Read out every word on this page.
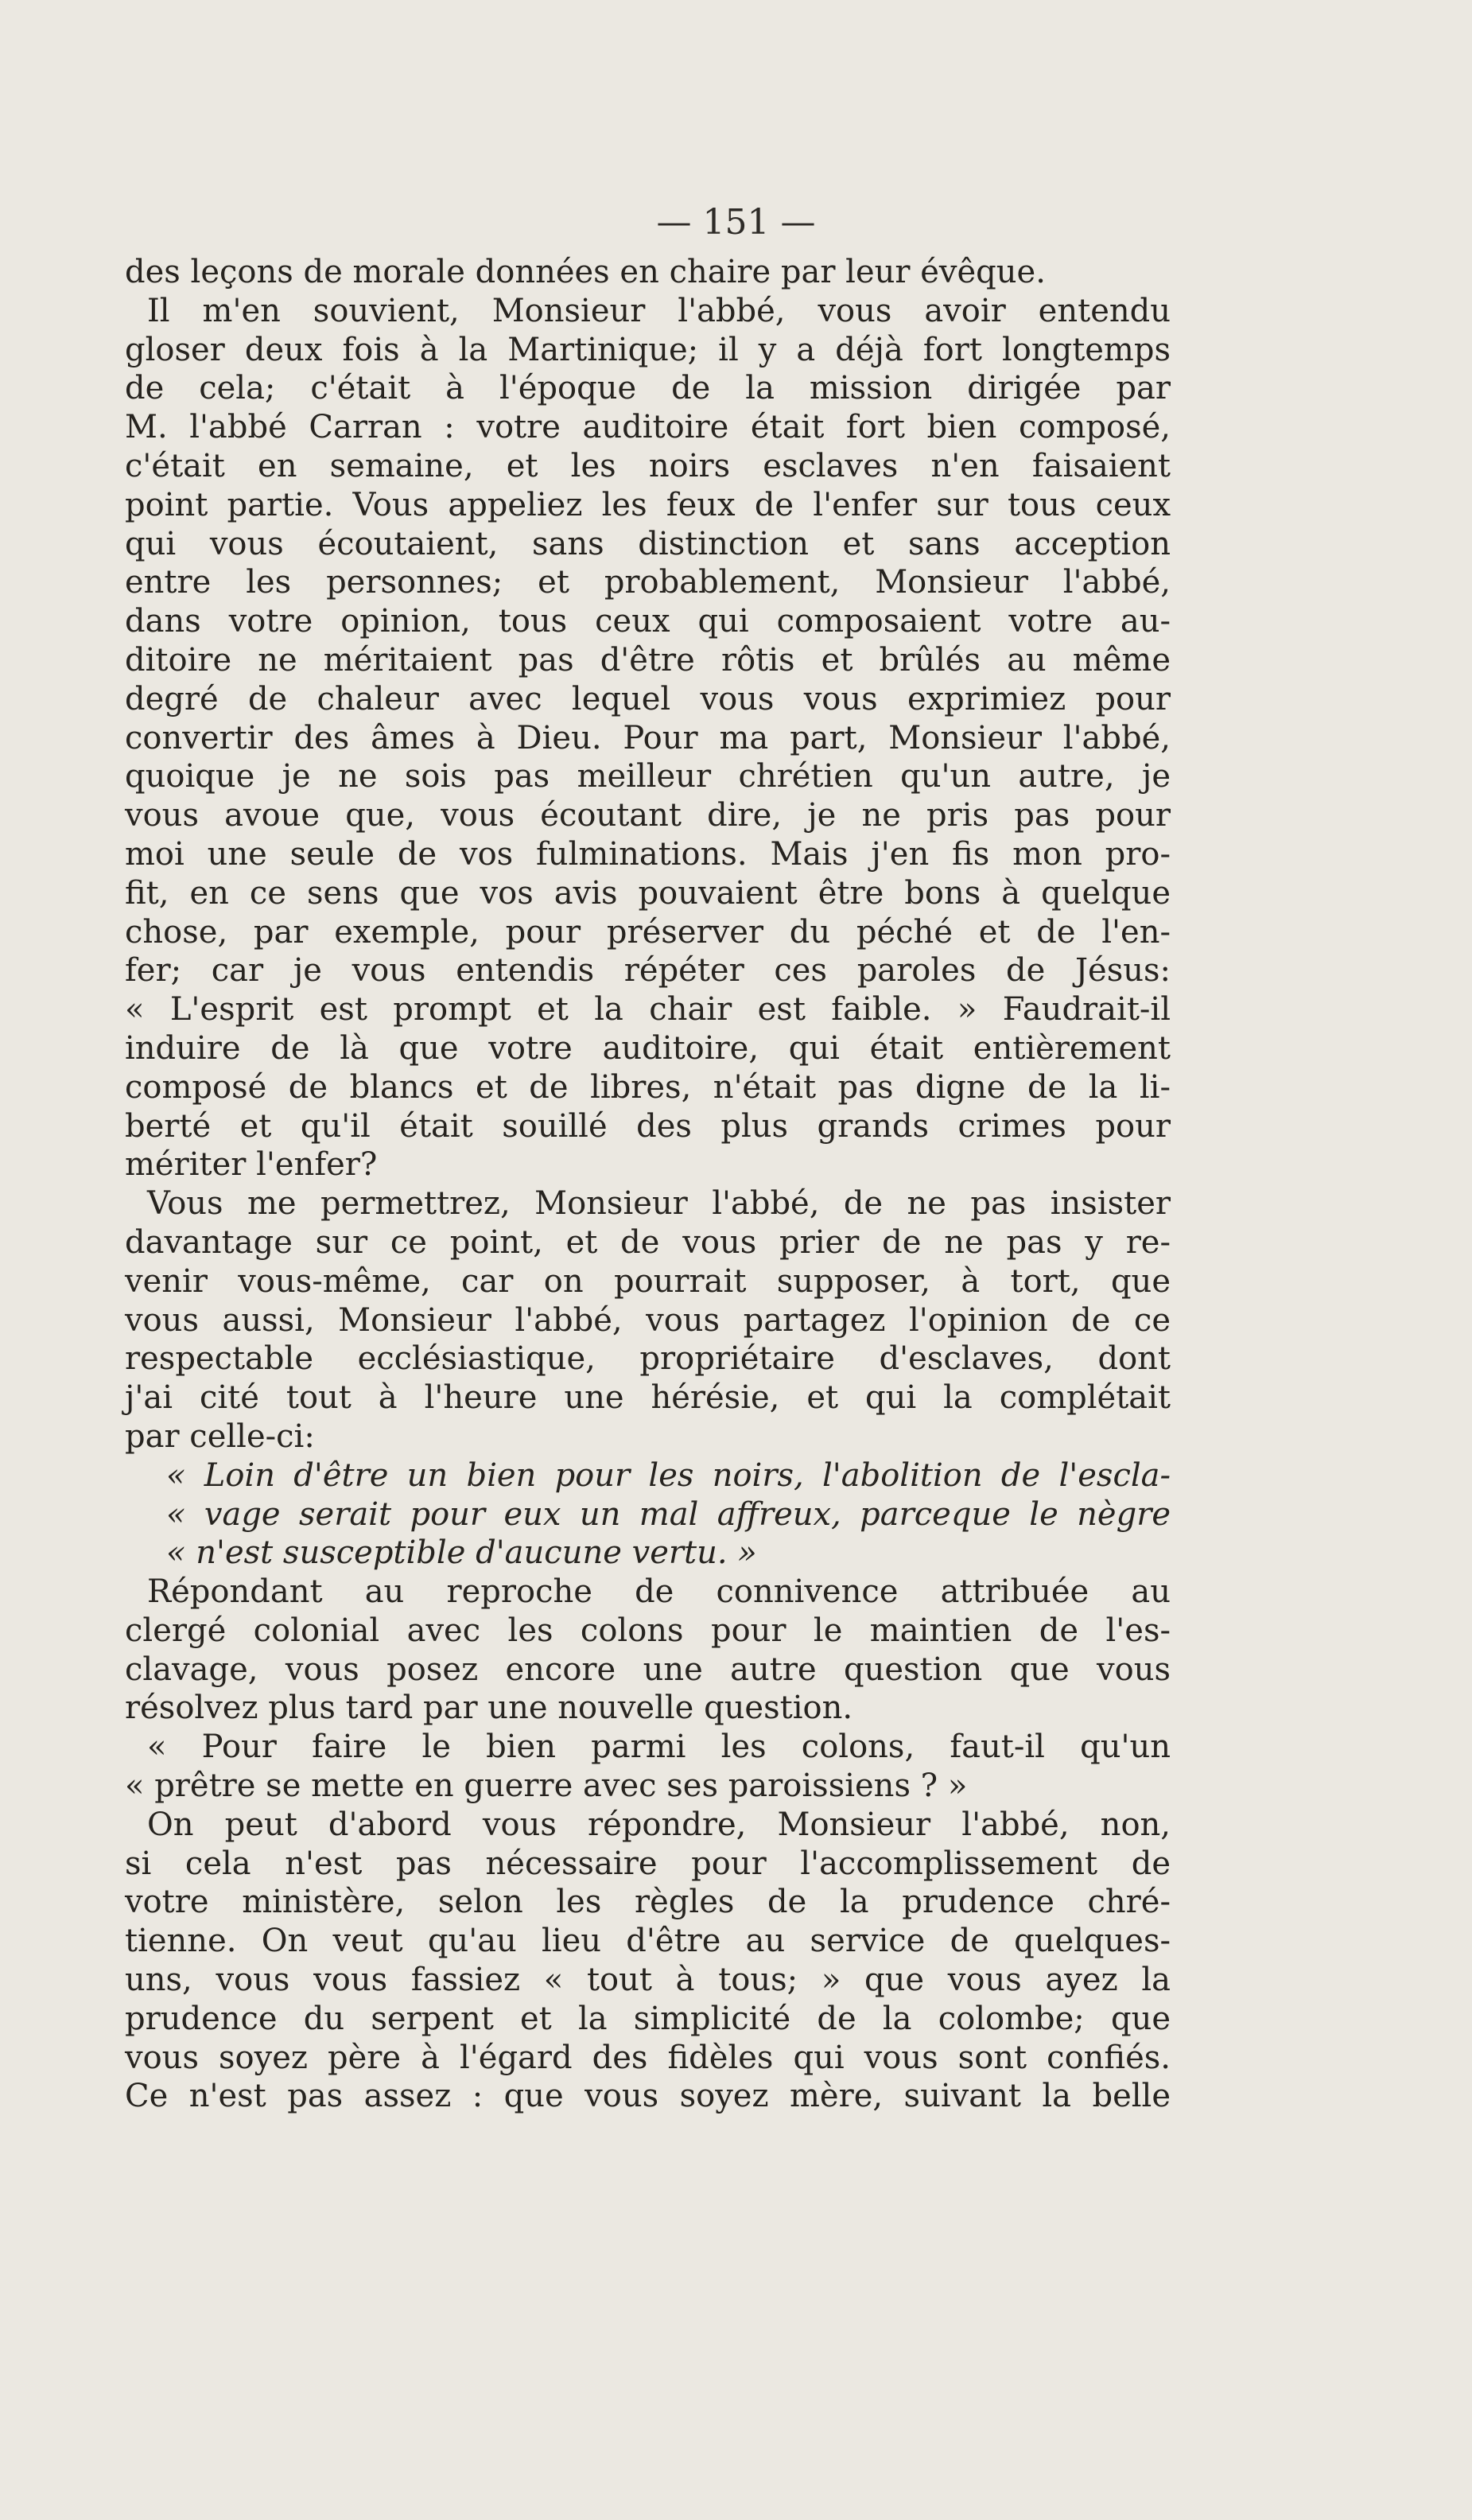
— 151 —
des leçons de morale données en chaire par leur évêque.
Il m'en souvient, Monsieur l'abbé, vous avoir entendu
gloser deux fois à la Martinique; il y a déjà fort longtemps
de cela; c'était à l'époque de la mission dirigée par
M. l'abbé Carran : votre auditoire était fort bien composé,
c'était en semaine, et les noirs esclaves n'en faisaient
point partie. Vous appeliez les feux de l'enfer sur tous ceux
qui vous écoutaient, sans distinction et sans acception
entre les personnes; et probablement, Monsieur l'abbé,
dans votre opinion, tous ceux qui composaient votre au-
ditoire ne méritaient pas d'être rôtis et brûlés au même
degré de chaleur avec lequel vous vous exprimiez pour
convertir des âmes à Dieu. Pour ma part, Monsieur l'abbé,
quoique je ne sois pas meilleur chrétien qu'un autre, je
vous avoue que, vous écoutant dire, je ne pris pas pour
moi une seule de vos fulminations. Mais j'en fis mon pro-
fit, en ce sens que vos avis pouvaient être bons à quelque
chose, par exemple, pour préserver du péché et de l'en-
fer; car je vous entendis répéter ces paroles de Jésus:
« L'esprit est prompt et la chair est faible. » Faudrait-il
induire de là que votre auditoire, qui était entièrement
composé de blancs et de libres, n'était pas digne de la li-
berté et qu'il était souillé des plus grands crimes pour
mériter l'enfer?
Vous me permettrez, Monsieur l'abbé, de ne pas insister
davantage sur ce point, et de vous prier de ne pas y re-
venir vous-même, car on pourrait supposer, à tort, que
vous aussi, Monsieur l'abbé, vous partagez l'opinion de ce
respectable ecclésiastique, propriétaire d'esclaves, dont
j'ai cité tout à l'heure une hérésie, et qui la complétait
par celle-ci:
« Loin d'être un bien pour les noirs, l'abolition de l'escla-
« vage serait pour eux un mal affreux, parceque le nègre
« n'est susceptible d'aucune vertu. »
Répondant au reproche de connivence attribuée au
clergé colonial avec les colons pour le maintien de l'es-
clavage, vous posez encore une autre question que vous
résolvez plus tard par une nouvelle question.
« Pour faire le bien parmi les colons, faut-il qu'un
« prêtre se mette en guerre avec ses paroissiens ? »
On peut d'abord vous répondre, Monsieur l'abbé, non,
si cela n'est pas nécessaire pour l'accomplissement de
votre ministère, selon les règles de la prudence chré-
tienne. On veut qu'au lieu d'être au service de quelques-
uns, vous vous fassiez « tout à tous; » que vous ayez la
prudence du serpent et la simplicité de la colombe; que
vous soyez père à l'égard des fidèles qui vous sont confiés.
Ce n'est pas assez : que vous soyez mère, suivant la belle
